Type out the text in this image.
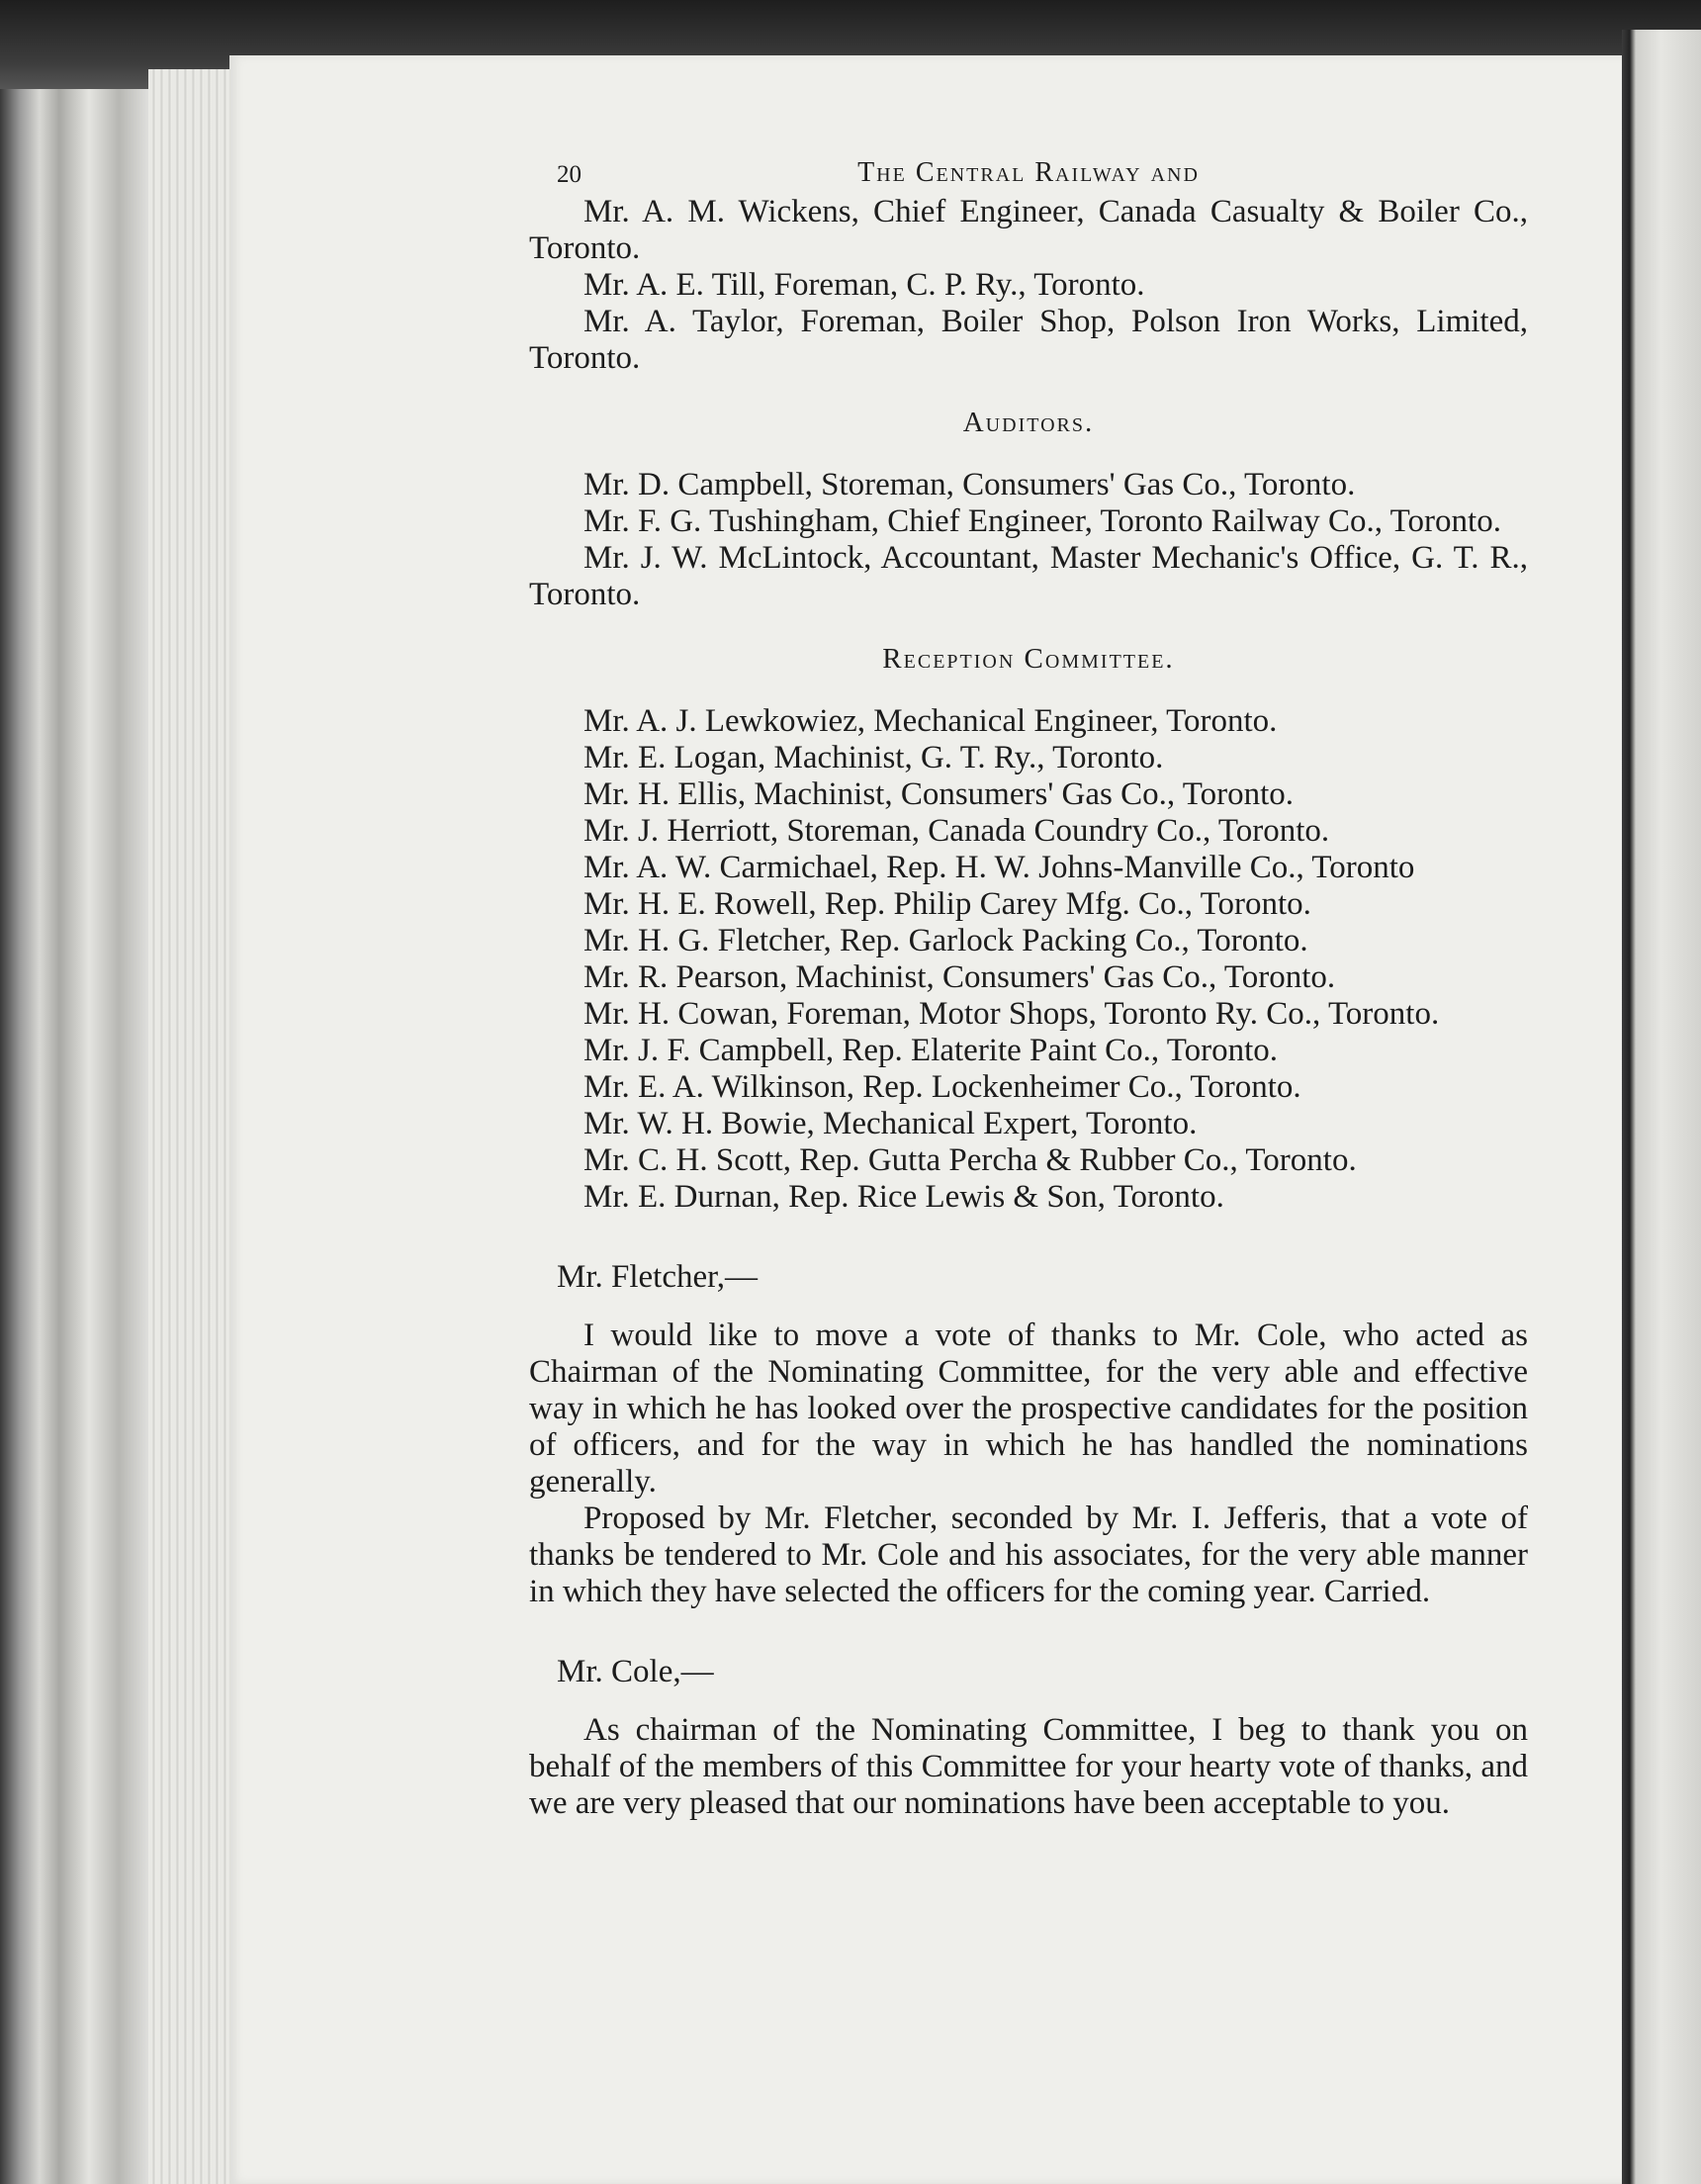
20	The Central Railway and

Mr. A. M. Wickens, Chief Engineer, Canada Casualty & Boiler Co., Toronto.

Mr. A. E. Till, Foreman, C. P. Ry., Toronto.

Mr. A. Taylor, Foreman, Boiler Shop, Polson Iron Works, Limited, Toronto.

Auditors.

Mr. D. Campbell, Storeman, Consumers' Gas Co., Toronto.

Mr. F. G. Tushingham, Chief Engineer, Toronto Railway Co., Toronto.

Mr. J. W. McLintock, Accountant, Master Mechanic's Office, G. T. R., Toronto.

Reception Committee.

Mr. A. J. Lewkowiez, Mechanical Engineer, Toronto.

Mr. E. Logan, Machinist, G. T. Ry., Toronto.

Mr. H. Ellis, Machinist, Consumers' Gas Co., Toronto.

Mr. J. Herriott, Storeman, Canada Coundry Co., Toronto.

Mr. A. W. Carmichael, Rep. H. W. Johns-Manville Co., Toronto

Mr. H. E. Rowell, Rep. Philip Carey Mfg. Co., Toronto.

Mr. H. G. Fletcher, Rep. Garlock Packing Co., Toronto.

Mr. R. Pearson, Machinist, Consumers' Gas Co., Toronto.

Mr. H. Cowan, Foreman, Motor Shops, Toronto Ry. Co., Toronto.

Mr. J. F. Campbell, Rep. Elaterite Paint Co., Toronto.

Mr. E. A. Wilkinson, Rep. Lockenheimer Co., Toronto.

Mr. W. H. Bowie, Mechanical Expert, Toronto.

Mr. C. H. Scott, Rep. Gutta Percha & Rubber Co., Toronto.

Mr. E. Durnan, Rep. Rice Lewis & Son, Toronto.

Mr. Fletcher,—

I would like to move a vote of thanks to Mr. Cole, who acted as Chairman of the Nominating Committee, for the very able and effective way in which he has looked over the prospective candidates for the position of officers, and for the way in which he has handled the nominations generally.

Proposed by Mr. Fletcher, seconded by Mr. I. Jefferis, that a vote of thanks be tendered to Mr. Cole and his associates, for the very able manner in which they have selected the officers for the coming year. Carried.

Mr. Cole,—

As chairman of the Nominating Committee, I beg to thank you on behalf of the members of this Committee for your hearty vote of thanks, and we are very pleased that our nominations have been acceptable to you.
